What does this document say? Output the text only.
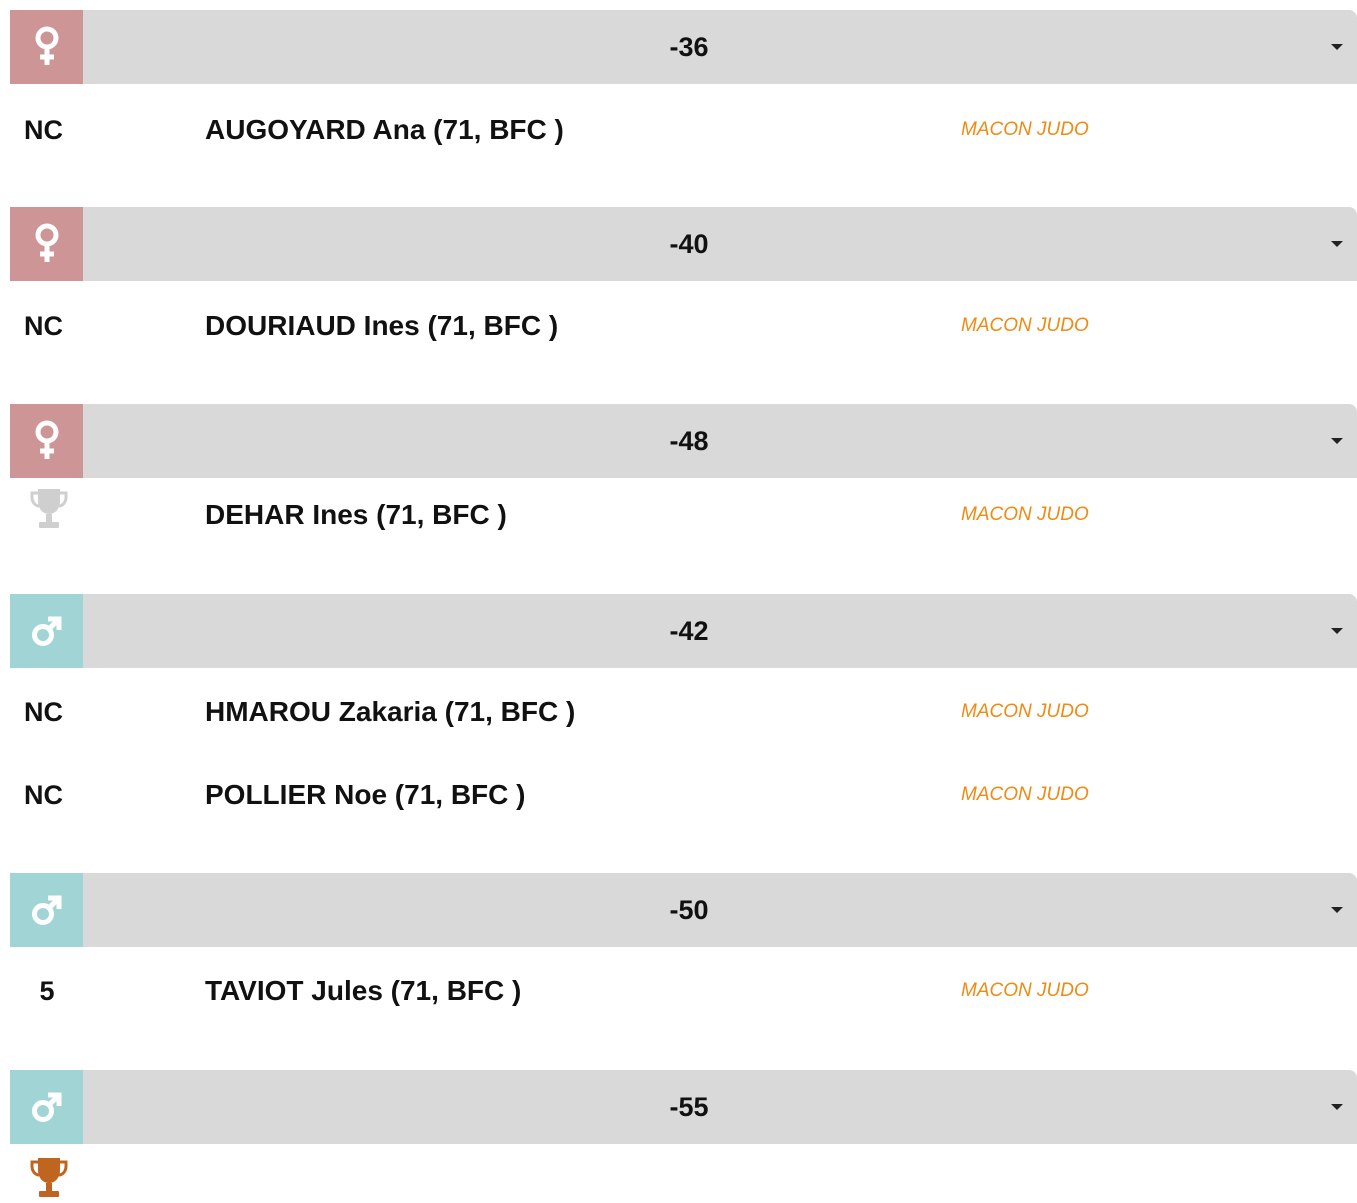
-36
NC	AUGOYARD Ana (71, BFC )	MACON JUDO
-40
NC	DOURIAUD Ines (71, BFC )	MACON JUDO
-48
DEHAR Ines (71, BFC )	MACON JUDO
-42
NC	HMAROU Zakaria (71, BFC )	MACON JUDO
NC	POLLIER Noe (71, BFC )	MACON JUDO
-50
5	TAVIOT Jules (71, BFC )	MACON JUDO
-55
